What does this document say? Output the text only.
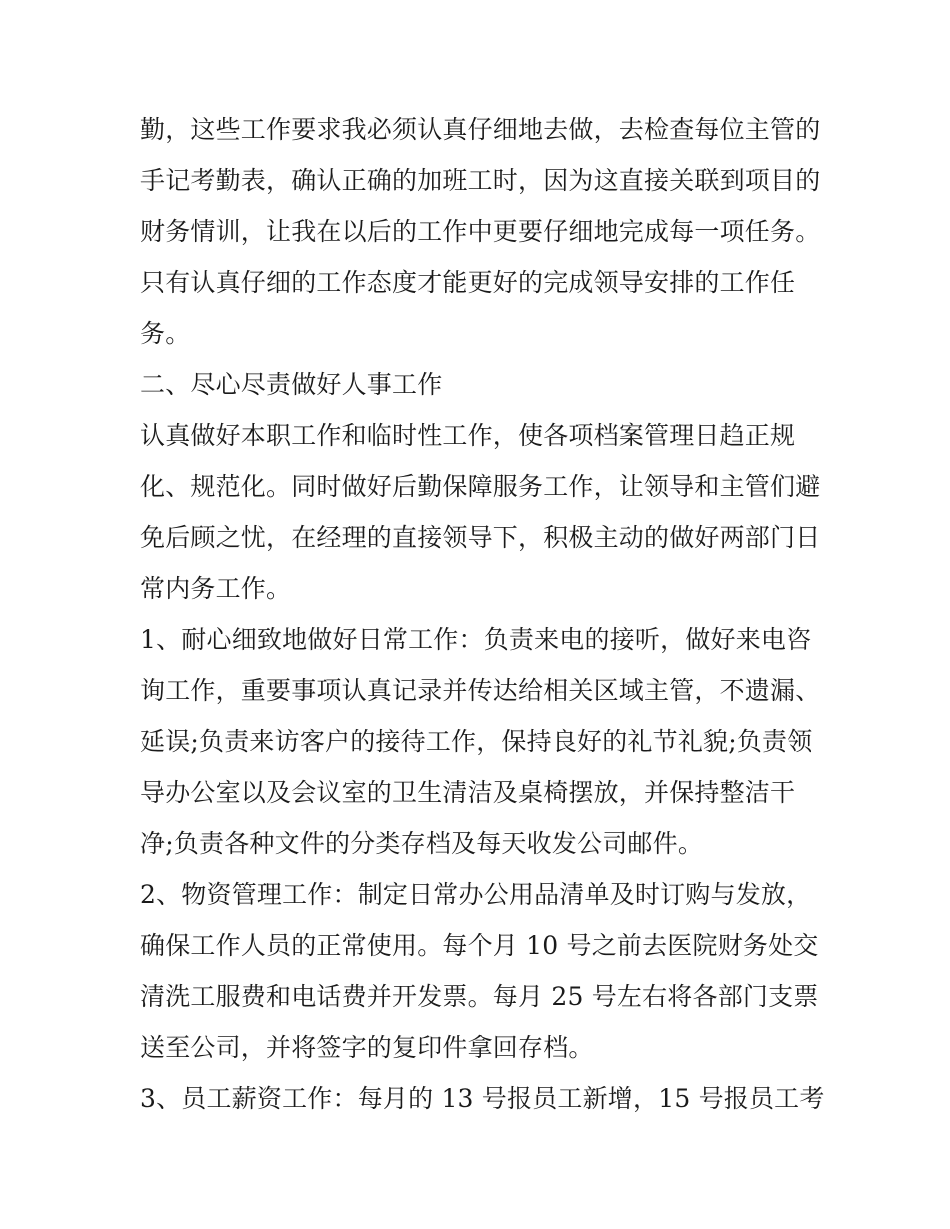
勤，这些工作要求我必须认真仔细地去做，去检查每位主管的
手记考勤表，确认正确的加班工时，因为这直接关联到项目的
财务情训，让我在以后的工作中更要仔细地完成每一项任务。
只有认真仔细的工作态度才能更好的完成领导安排的工作任
务。
二、尽心尽责做好人事工作
认真做好本职工作和临时性工作，使各项档案管理日趋正规
化、规范化。同时做好后勤保障服务工作，让领导和主管们避
免后顾之忧，在经理的直接领导下，积极主动的做好两部门日
常内务工作。
1、耐心细致地做好日常工作：负责来电的接听，做好来电咨
询工作，重要事项认真记录并传达给相关区域主管，不遗漏、
延误;负责来访客户的接待工作，保持良好的礼节礼貌;负责领
导办公室以及会议室的卫生清洁及桌椅摆放，并保持整洁干
净;负责各种文件的分类存档及每天收发公司邮件。
2、物资管理工作：制定日常办公用品清单及时订购与发放，
确保工作人员的正常使用。每个月 10 号之前去医院财务处交
清洗工服费和电话费并开发票。每月 25 号左右将各部门支票
送至公司，并将签字的复印件拿回存档。
3、员工薪资工作：每月的 13 号报员工新增，15 号报员工考
